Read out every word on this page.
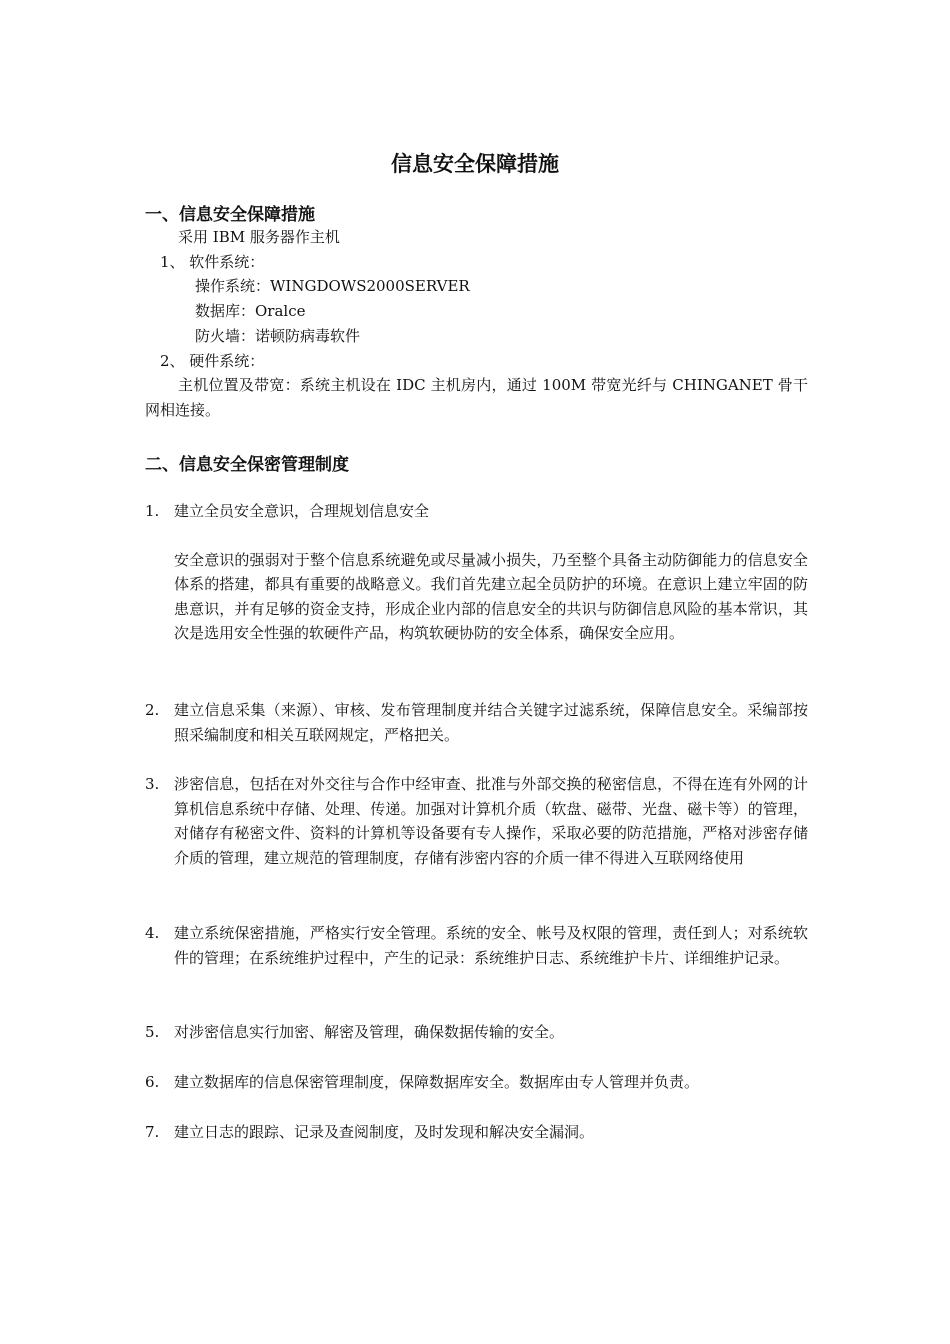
信息安全保障措施
一、信息安全保障措施
采用 IBM 服务器作主机
1、 软件系统：
操作系统：WINGDOWS2000SERVER
数据库：Oralce
防火墙：诺顿防病毒软件
2、 硬件系统：
主机位置及带宽：系统主机设在 IDC 主机房内，通过 100M 带宽光纤与 CHINGANET 骨干网相连接。
二、信息安全保密管理制度
1. 建立全员安全意识，合理规划信息安全
安全意识的强弱对于整个信息系统避免或尽量减小损失，乃至整个具备主动防御能力的信息安全体系的搭建，都具有重要的战略意义。我们首先建立起全员防护的环境。在意识上建立牢固的防患意识，并有足够的资金支持，形成企业内部的信息安全的共识与防御信息风险的基本常识，其次是选用安全性强的软硬件产品，构筑软硬协防的安全体系，确保安全应用。
2. 建立信息采集（来源）、审核、发布管理制度并结合关键字过滤系统，保障信息安全。采编部按照采编制度和相关互联网规定，严格把关。
3. 涉密信息，包括在对外交往与合作中经审查、批准与外部交换的秘密信息，不得在连有外网的计算机信息系统中存储、处理、传递。加强对计算机介质（软盘、磁带、光盘、磁卡等）的管理，对储存有秘密文件、资料的计算机等设备要有专人操作，采取必要的防范措施，严格对涉密存储介质的管理，建立规范的管理制度，存储有涉密内容的介质一律不得进入互联网络使用
4. 建立系统保密措施，严格实行安全管理。系统的安全、帐号及权限的管理，责任到人；对系统软件的管理；在系统维护过程中，产生的记录：系统维护日志、系统维护卡片、详细维护记录。
5. 对涉密信息实行加密、解密及管理，确保数据传输的安全。
6. 建立数据库的信息保密管理制度，保障数据库安全。数据库由专人管理并负责。
7. 建立日志的跟踪、记录及查阅制度，及时发现和解决安全漏洞。
